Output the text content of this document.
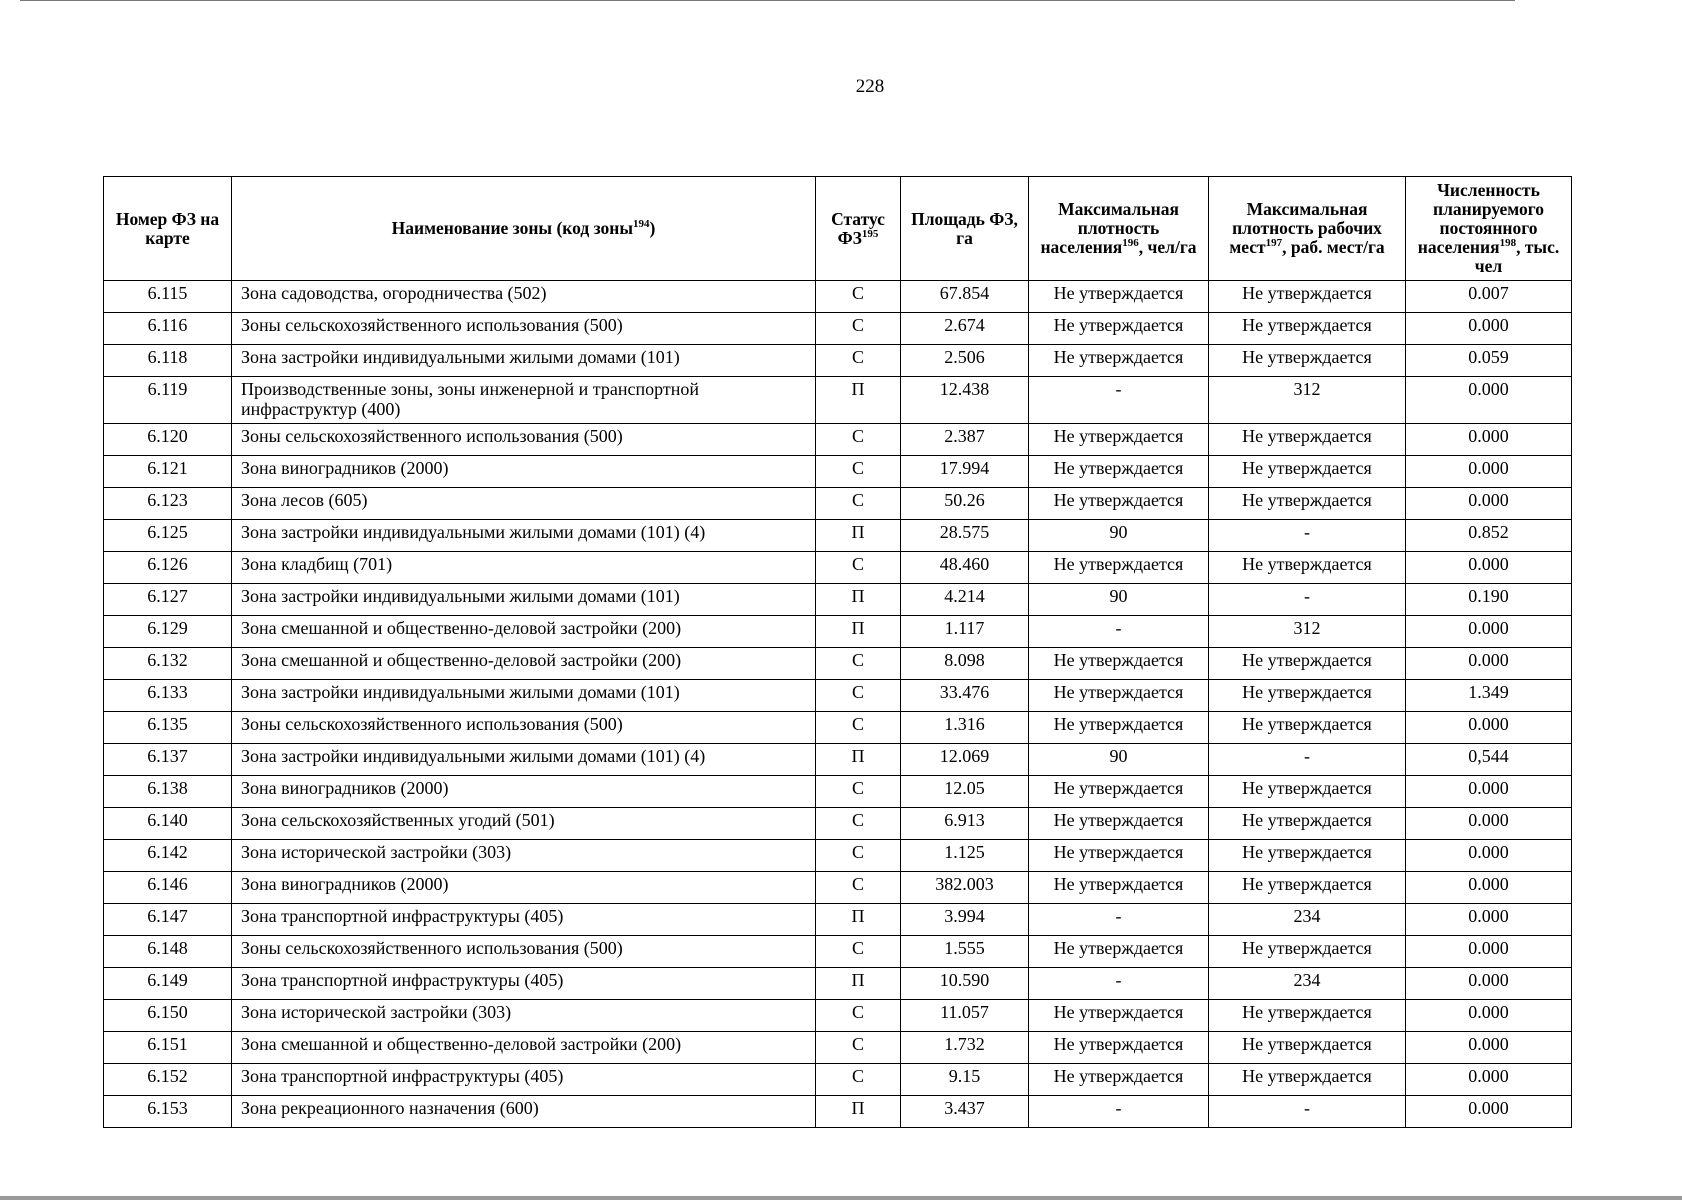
228
Номер ФЗ на карте	Наименование зоны (код зоны$^{194}$)	Статус ФЗ$^{195}$	Площадь ФЗ, га	Максимальная плотность населения$^{196}$, чел/га	Максимальная плотность рабочих мест$^{197}$, раб. мест/га	Численность планируемого постоянного населения$^{198}$, тыс. чел
6.115	Зона садоводства, огородничества (502)	С	67.854	Не утверждается	Не утверждается	0.007
6.116	Зоны сельскохозяйственного использования (500)	С	2.674	Не утверждается	Не утверждается	0.000
6.118	Зона застройки индивидуальными жилыми домами (101)	С	2.506	Не утверждается	Не утверждается	0.059
6.119	Производственные зоны, зоны инженерной и транспортной инфраструктур (400)	П	12.438	-	312	0.000
6.120	Зоны сельскохозяйственного использования (500)	С	2.387	Не утверждается	Не утверждается	0.000
6.121	Зона виноградников (2000)	С	17.994	Не утверждается	Не утверждается	0.000
6.123	Зона лесов (605)	С	50.26	Не утверждается	Не утверждается	0.000
6.125	Зона застройки индивидуальными жилыми домами (101) (4)	П	28.575	90	-	0.852
6.126	Зона кладбищ (701)	С	48.460	Не утверждается	Не утверждается	0.000
6.127	Зона застройки индивидуальными жилыми домами (101)	П	4.214	90	-	0.190
6.129	Зона смешанной и общественно-деловой застройки (200)	П	1.117	-	312	0.000
6.132	Зона смешанной и общественно-деловой застройки (200)	С	8.098	Не утверждается	Не утверждается	0.000
6.133	Зона застройки индивидуальными жилыми домами (101)	С	33.476	Не утверждается	Не утверждается	1.349
6.135	Зоны сельскохозяйственного использования (500)	С	1.316	Не утверждается	Не утверждается	0.000
6.137	Зона застройки индивидуальными жилыми домами (101) (4)	П	12.069	90	-	0,544
6.138	Зона виноградников (2000)	С	12.05	Не утверждается	Не утверждается	0.000
6.140	Зона сельскохозяйственных угодий (501)	С	6.913	Не утверждается	Не утверждается	0.000
6.142	Зона исторической застройки (303)	С	1.125	Не утверждается	Не утверждается	0.000
6.146	Зона виноградников (2000)	С	382.003	Не утверждается	Не утверждается	0.000
6.147	Зона транспортной инфраструктуры (405)	П	3.994	-	234	0.000
6.148	Зоны сельскохозяйственного использования (500)	С	1.555	Не утверждается	Не утверждается	0.000
6.149	Зона транспортной инфраструктуры (405)	П	10.590	-	234	0.000
6.150	Зона исторической застройки (303)	С	11.057	Не утверждается	Не утверждается	0.000
6.151	Зона смешанной и общественно-деловой застройки (200)	С	1.732	Не утверждается	Не утверждается	0.000
6.152	Зона транспортной инфраструктуры (405)	С	9.15	Не утверждается	Не утверждается	0.000
6.153	Зона рекреационного назначения (600)	П	3.437	-	-	0.000
